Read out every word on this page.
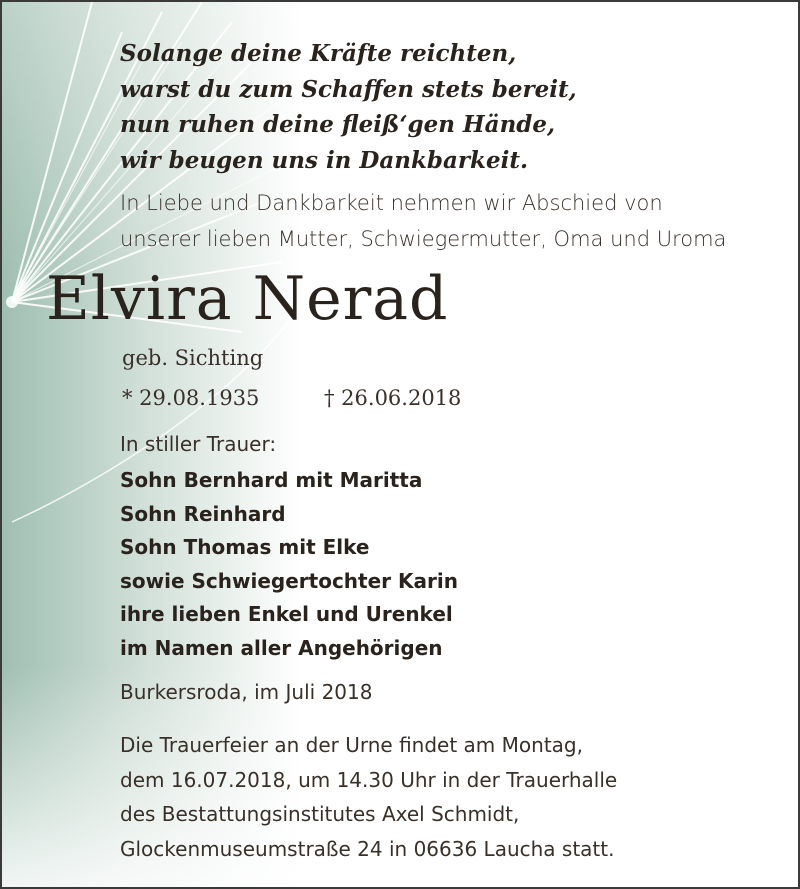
Solange deine Kräfte reichten,
warst du zum Schaffen stets bereit,
nun ruhen deine fleiß‘gen Hände,
wir beugen uns in Dankbarkeit.
In Liebe und Dankbarkeit nehmen wir Abschied von
unserer lieben Mutter, Schwiegermutter, Oma und Uroma
Elvira Nerad
geb. Sichting
* 29.08.1935	† 26.06.2018
In stiller Trauer:
Sohn Bernhard mit Maritta
Sohn Reinhard
Sohn Thomas mit Elke
sowie Schwiegertochter Karin
ihre lieben Enkel und Urenkel
im Namen aller Angehörigen
Burkersroda, im Juli 2018
Die Trauerfeier an der Urne findet am Montag,
dem 16.07.2018, um 14.30 Uhr in der Trauerhalle
des Bestattungsinstitutes Axel Schmidt,
Glockenmuseumstraße 24 in 06636 Laucha statt.
